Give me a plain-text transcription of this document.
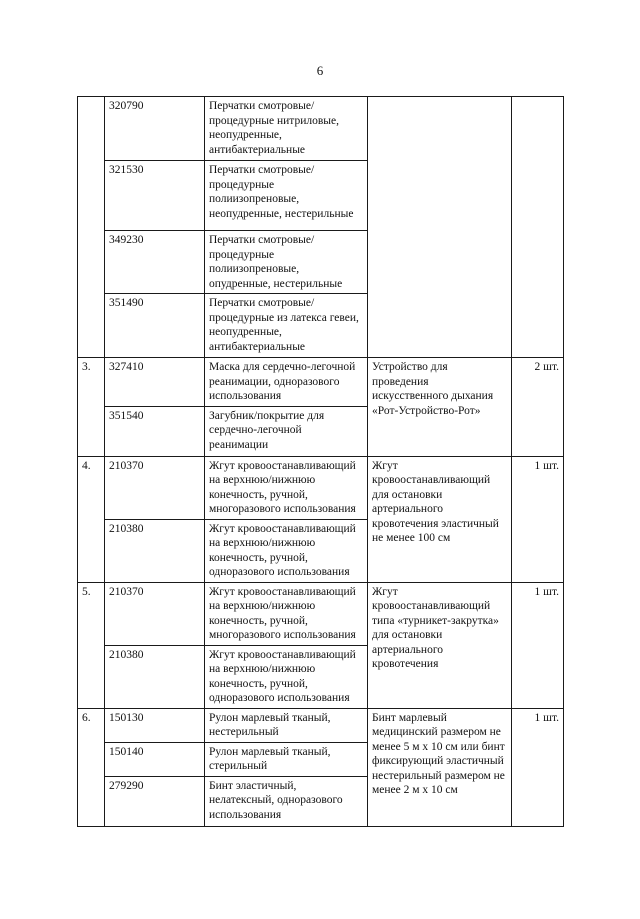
6
	320790	Перчатки смотровые/ процедурные нитриловые, неопудренные, антибактериальные		
	321530	Перчатки смотровые/ процедурные полиизопреновые, неопудренные, нестерильные		
	349230	Перчатки смотровые/ процедурные полиизопреновые, опудренные, нестерильные		
	351490	Перчатки смотровые/ процедурные из латекса гевеи, неопудренные, антибактериальные		
3.	327410	Маска для сердечно-легочной реанимации, одноразового использования	Устройство для проведения искусственного дыхания «Рот-Устройство-Рот»	2 шт.
	351540	Загубник/покрытие для сердечно-легочной реанимации		
4.	210370	Жгут кровоостанавливающий на верхнюю/нижнюю конечность, ручной, многоразового использования	Жгут кровоостанавливающий для остановки артериального кровотечения эластичный не менее 100 см	1 шт.
	210380	Жгут кровоостанавливающий на верхнюю/нижнюю конечность, ручной, одноразового использования		
5.	210370	Жгут кровоостанавливающий на верхнюю/нижнюю конечность, ручной, многоразового использования	Жгут кровоостанавливающий типа «турникет-закрутка» для остановки артериального кровотечения	1 шт.
	210380	Жгут кровоостанавливающий на верхнюю/нижнюю конечность, ручной, одноразового использования		
6.	150130	Рулон марлевый тканый, нестерильный	Бинт марлевый медицинский размером не менее 5 м х 10 см или бинт фиксирующий эластичный нестерильный размером не менее 2 м х 10 см	1 шт.
	150140	Рулон марлевый тканый, стерильный		
	279290	Бинт эластичный, нелатексный, одноразового использования		
